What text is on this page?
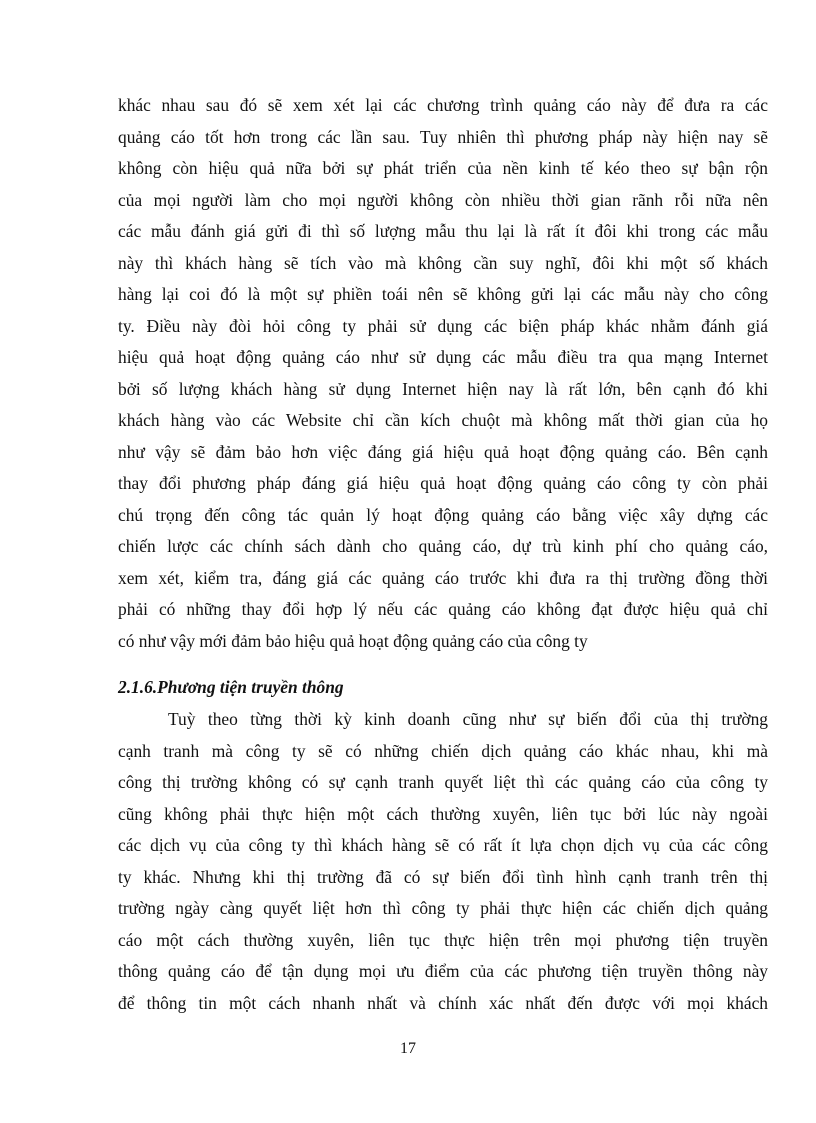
khác nhau sau đó sẽ xem xét lại các chương trình quảng cáo này để đưa ra các
quảng cáo tốt hơn trong các lần sau. Tuy nhiên thì phương pháp này hiện nay sẽ
không còn hiệu quả nữa bởi sự phát triển của nền kinh tế kéo theo sự bận rộn
của mọi người làm cho mọi người không còn nhiều thời gian rãnh rỗi nữa nên
các mẫu đánh giá gửi đi thì số lượng mẫu thu lại là rất ít đôi khi trong các mẫu
này thì khách hàng sẽ tích vào mà không cần suy nghĩ, đôi khi một số khách
hàng lại coi đó là một sự phiền toái nên sẽ không gửi lại các mẫu này cho công
ty. Điều này đòi hỏi công ty phải sử dụng các biện pháp khác nhằm đánh giá
hiệu quả hoạt động quảng cáo như sử dụng các mẫu điều tra qua mạng Internet
bởi số lượng khách hàng sử dụng Internet hiện nay là rất lớn, bên cạnh đó khi
khách hàng vào các Website chỉ cần kích chuột mà không mất thời gian của họ
như vậy sẽ đảm bảo hơn việc đáng giá hiệu quả hoạt động quảng cáo. Bên cạnh
thay đổi phương pháp đáng giá hiệu quả hoạt động quảng cáo công ty còn phải
chú trọng đến công tác quản lý hoạt động quảng cáo bằng việc xây dựng các
chiến lược các chính sách dành cho quảng cáo, dự trù kinh phí cho quảng cáo,
xem xét, kiểm tra, đáng giá các quảng cáo trước khi đưa ra thị trường đồng thời
phải có những thay đổi hợp lý nếu các quảng cáo không đạt được hiệu quả chỉ
có như vậy mới đảm bảo hiệu quả hoạt động quảng cáo của công ty
2.1.6.Phương tiện truyền thông
Tuỳ theo từng thời kỳ kinh doanh cũng như sự biến đổi của thị trường
cạnh tranh mà công ty sẽ có những chiến dịch quảng cáo khác nhau, khi mà
công thị trường không có sự cạnh tranh quyết liệt thì các quảng cáo của công ty
cũng không phải thực hiện một cách thường xuyên, liên tục bởi lúc này ngoài
các dịch vụ của công ty thì khách hàng sẽ có rất ít lựa chọn dịch vụ của các công
ty khác. Nhưng khi thị trường đã có sự biến đổi tình hình cạnh tranh trên thị
trường ngày càng quyết liệt hơn thì công ty phải thực hiện các chiến dịch quảng
cáo một cách thường xuyên, liên tục thực hiện trên mọi phương tiện truyền
thông quảng cáo để tận dụng mọi ưu điểm của các phương tiện truyền thông này
để thông tin một cách nhanh nhất và chính xác nhất đến được với mọi khách
17
